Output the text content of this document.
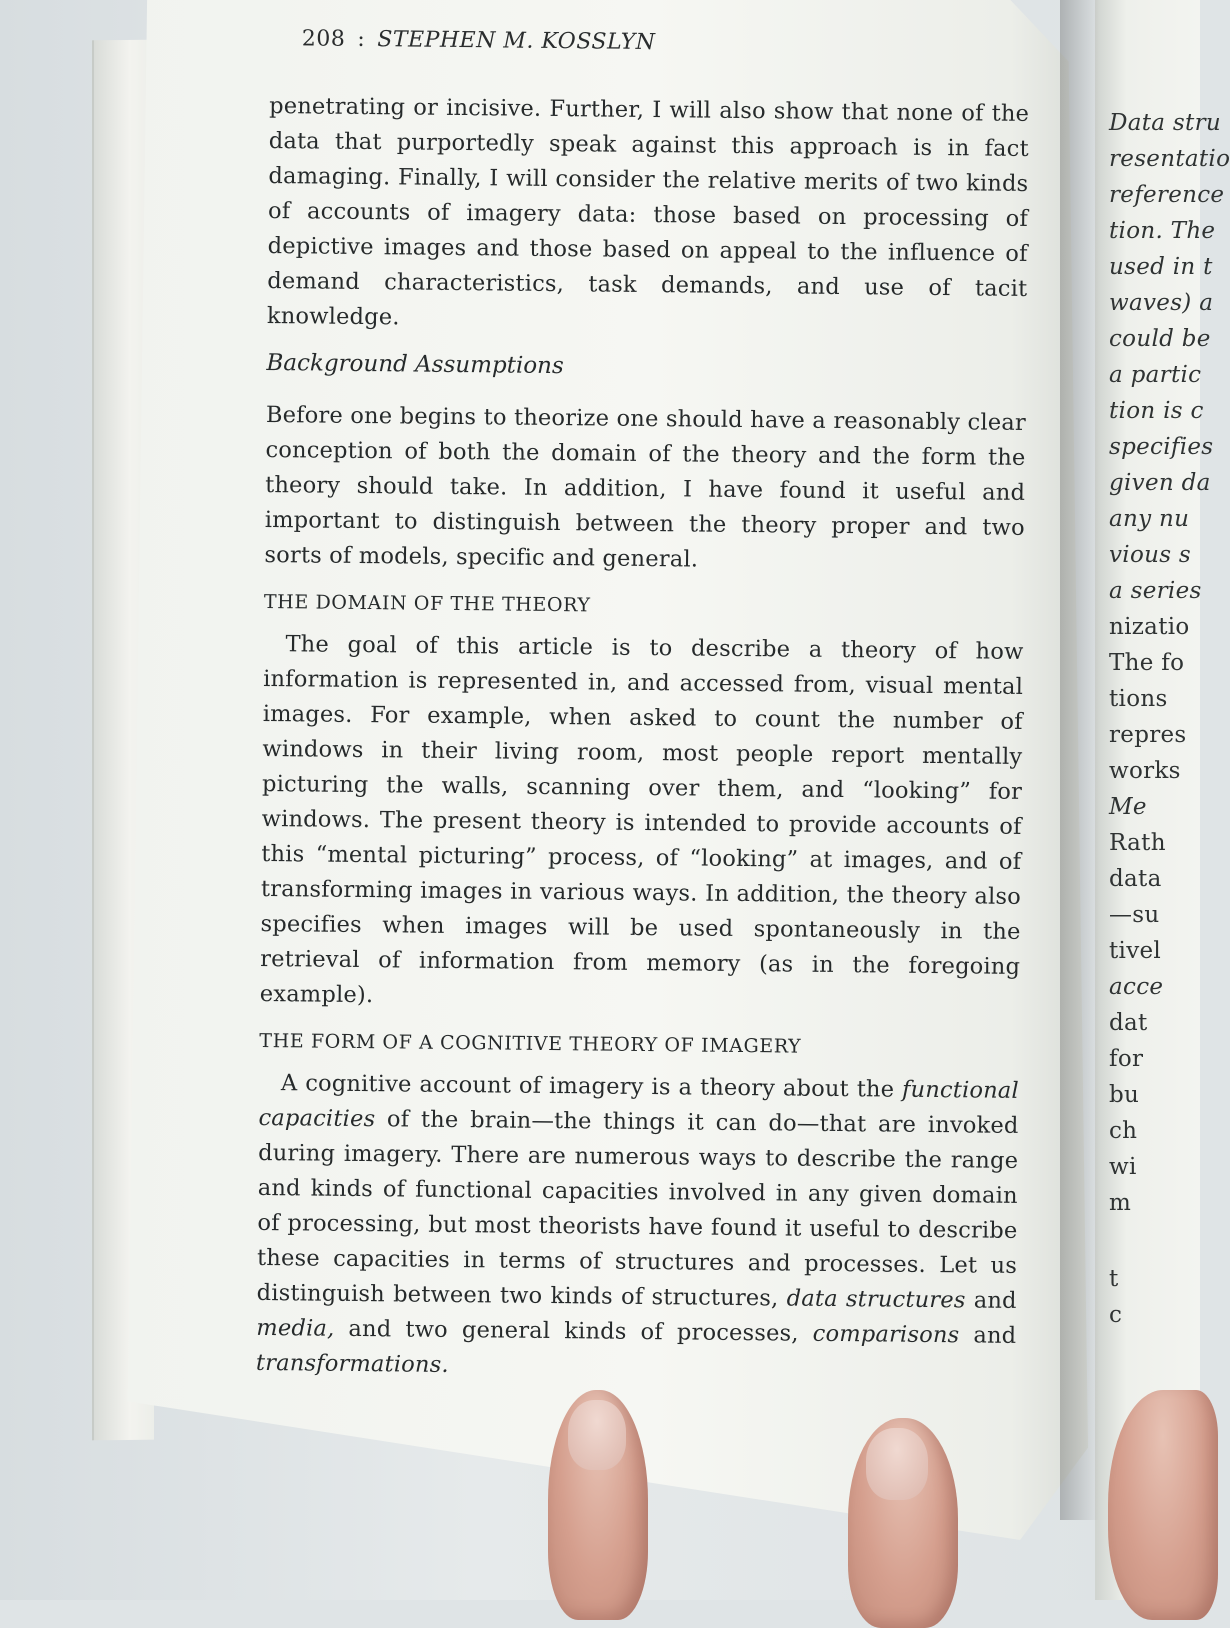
Data stru
resentatio
reference
tion. The
used in t
waves) a
could be
a partic
tion is c
specifies
given da
any nu
vious s
a series
nizatio
The fo
tions
repres
works
Me
Rath
data
—su
tivel
acce
dat
for
bu
ch
wi
m
t
c
208 : STEPHEN M. KOSSLYN

penetrating or incisive. Further, I will also show that none of the data that purportedly speak against this approach is in fact damaging. Finally, I will consider the relative merits of two kinds of accounts of imagery data: those based on processing of depictive images and those based on appeal to the influence of demand characteristics, task demands, and use of tacit knowledge.

Background Assumptions

Before one begins to theorize one should have a reasonably clear conception of both the domain of the theory and the form the theory should take. In addition, I have found it useful and important to distinguish between the theory proper and two sorts of models, specific and general.

THE DOMAIN OF THE THEORY

The goal of this article is to describe a theory of how information is represented in, and accessed from, visual mental images. For example, when asked to count the number of windows in their living room, most people report mentally picturing the walls, scanning over them, and “looking” for windows. The present theory is intended to provide accounts of this “mental picturing” process, of “looking” at images, and of transforming images in various ways. In addition, the theory also specifies when images will be used spontaneously in the retrieval of information from memory (as in the foregoing example).

THE FORM OF A COGNITIVE THEORY OF IMAGERY

A cognitive account of imagery is a theory about the functional capacities of the brain—the things it can do—that are invoked during imagery. There are numerous ways to describe the range and kinds of functional capacities involved in any given domain of processing, but most theorists have found it useful to describe these capacities in terms of structures and processes. Let us distinguish between two kinds of structures, data structures and media, and two general kinds of processes, comparisons and transformations.
